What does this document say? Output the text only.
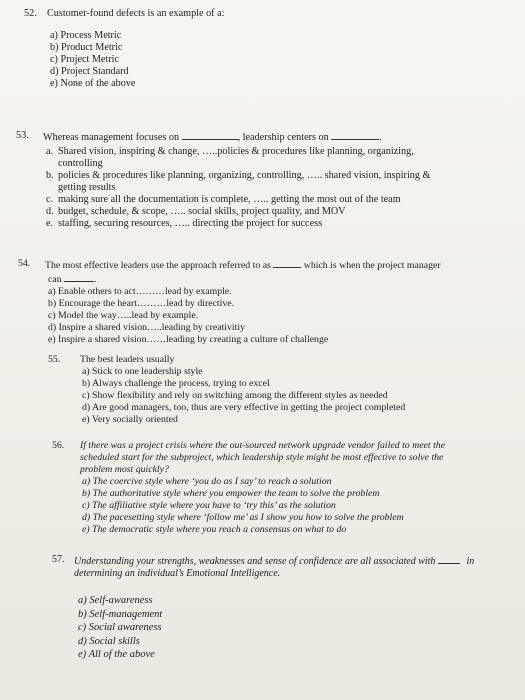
52. Customer-found defects is an example of a:
a) Process Metric
b) Product Metric
c) Project Metric
d) Project Standard
e) None of the above
53. Whereas management focuses on	, leadership centers on	.
a. Shared vision, inspiring & change, …..policies & procedures like planning, organizing,
controlling
b. policies & procedures like planning, organizing, controlling, ….. shared vision, inspiring &
getting results
c. making sure all the documentation is complete, ….. getting the most out of the team
d. budget, schedule, & scope, ….. social skills, project quality, and MOV
e. staffing, securing resources, ….. directing the project for success
54. The most effective leaders use the approach referred to as	which is when the project manager
can	.
a) Enable others to act………lead by example.
b) Encourage the heart………lead by directive.
c) Model the way…..lead by example.
d) Inspire a shared vision…..leading by creativitiy
e) Inspire a shared vision……leading by creating a culture of challenge
55. The best leaders usually
a) Stick to one leadership style
b) Always challenge the process, trying to excel
c) Show flexibility and rely on switching among the different styles as needed
d) Are good managers, too, thus are very effective in getting the project completed
e) Very socially oriented
56. If there was a project crisis where the out-sourced network upgrade vendor failed to meet the
scheduled start for the subproject, which leadership style might be most effective to solve the
problem most quickly?
a) The coercive style where ‘you do as I say’ to reach a solution
b) The authoritative style where you empower the team to solve the problem
c) The affiliative style where you have to ‘try this’ as the solution
d) The pacesetting style where ‘follow me’ as I show you how to solve the problem
e) The democratic style where you reach a consensus on what to do
57. Understanding your strengths, weaknesses and sense of confidence are all associated with	in
determining an individual’s Emotional Intelligence.
a) Self-awareness
b) Self-management
c) Social awareness
d) Social skills
e) All of the above
